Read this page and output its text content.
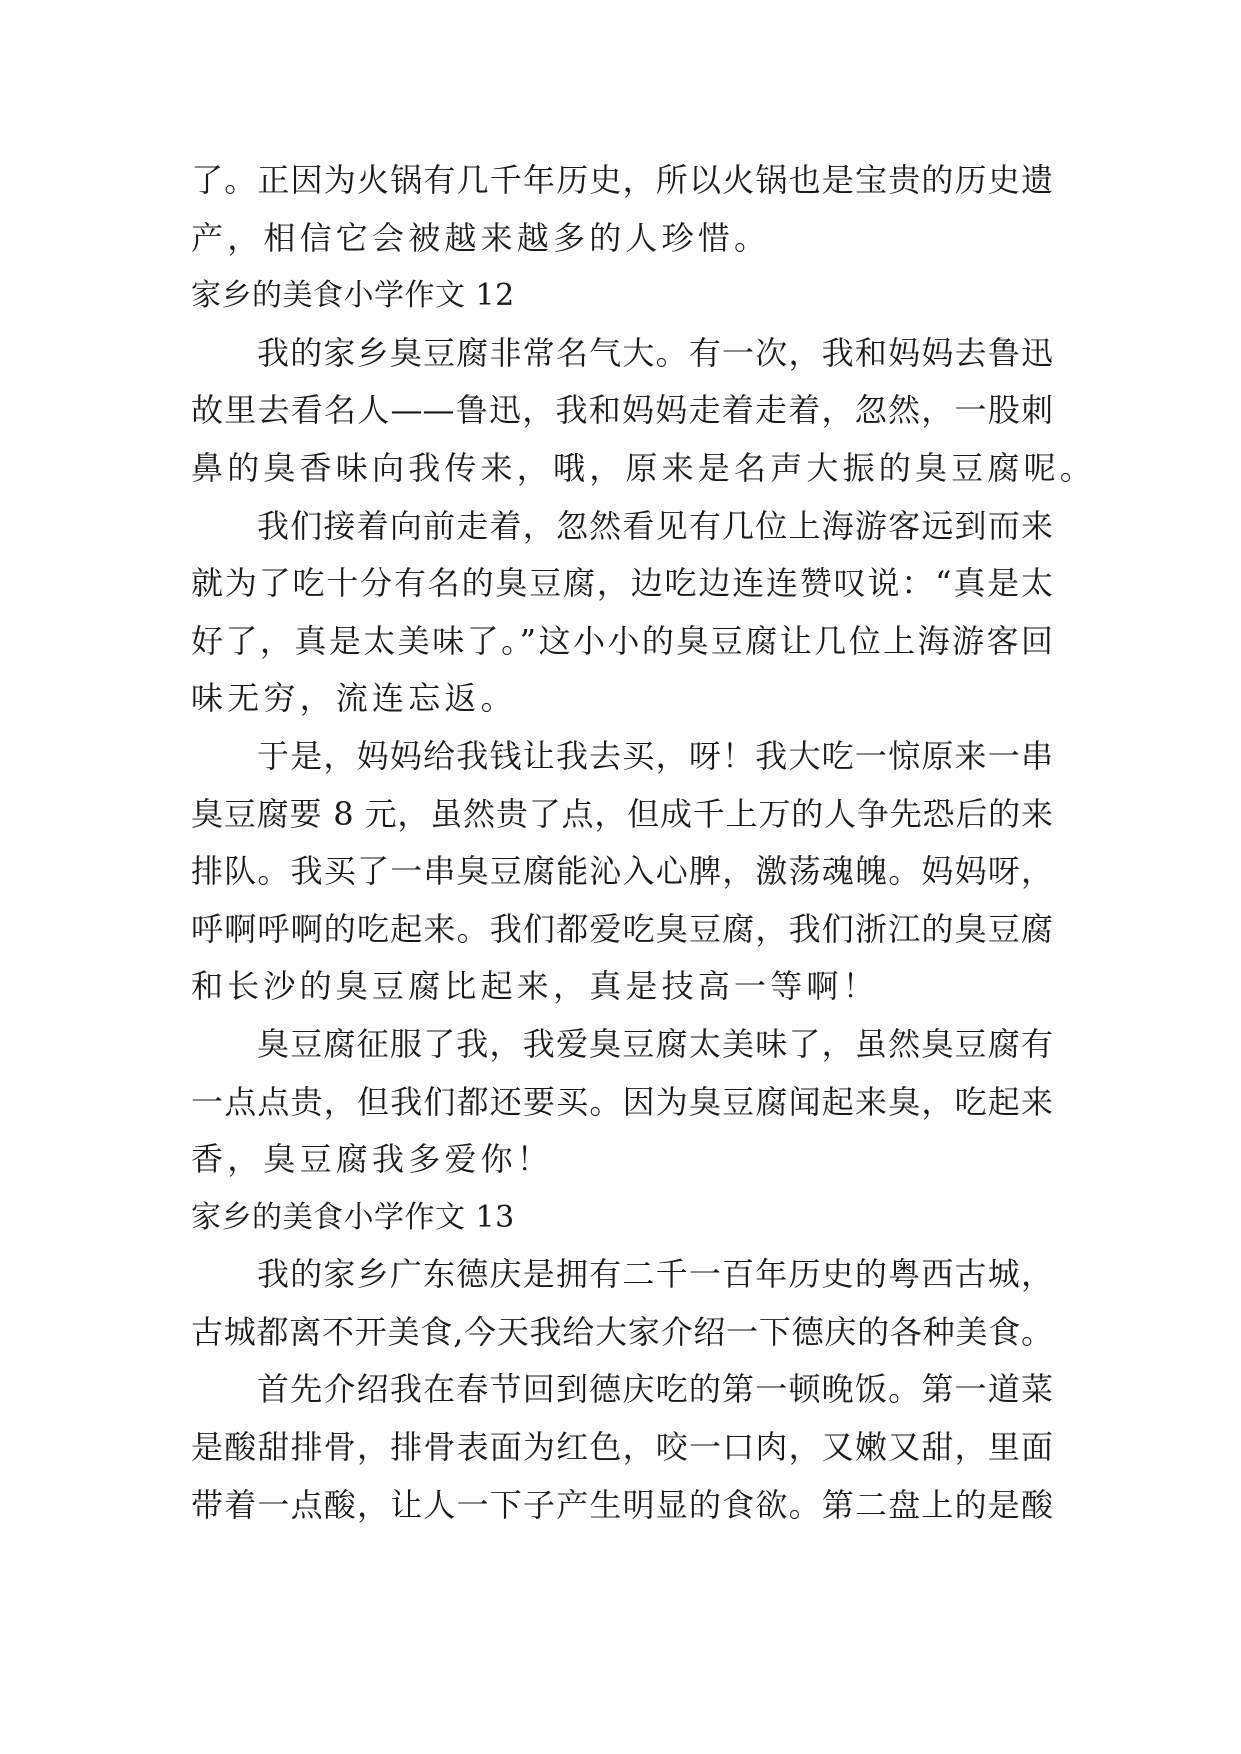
了。正因为火锅有几千年历史，所以火锅也是宝贵的历史遗
产，相信它会被越来越多的人珍惜。
家乡的美食小学作文 12
我的家乡臭豆腐非常名气大。有一次，我和妈妈去鲁迅
故里去看名人——鲁迅，我和妈妈走着走着，忽然，一股刺
鼻的臭香味向我传来，哦，原来是名声大振的臭豆腐呢。
我们接着向前走着，忽然看见有几位上海游客远到而来
就为了吃十分有名的臭豆腐，边吃边连连赞叹说：“真是太
好了，真是太美味了。”这小小的臭豆腐让几位上海游客回
味无穷，流连忘返。
于是，妈妈给我钱让我去买，呀！我大吃一惊原来一串
臭豆腐要 8 元，虽然贵了点，但成千上万的人争先恐后的来
排队。我买了一串臭豆腐能沁入心脾，激荡魂魄。妈妈呀，
呼啊呼啊的吃起来。我们都爱吃臭豆腐，我们浙江的臭豆腐
和长沙的臭豆腐比起来，真是技高一等啊！
臭豆腐征服了我，我爱臭豆腐太美味了，虽然臭豆腐有
一点点贵，但我们都还要买。因为臭豆腐闻起来臭，吃起来
香，臭豆腐我多爱你！
家乡的美食小学作文 13
我的家乡广东德庆是拥有二千一百年历史的粤西古城，
古城都离不开美食,今天我给大家介绍一下德庆的各种美食。
首先介绍我在春节回到德庆吃的第一顿晚饭。第一道菜
是酸甜排骨，排骨表面为红色，咬一口肉，又嫩又甜，里面
带着一点酸，让人一下子产生明显的食欲。第二盘上的是酸
